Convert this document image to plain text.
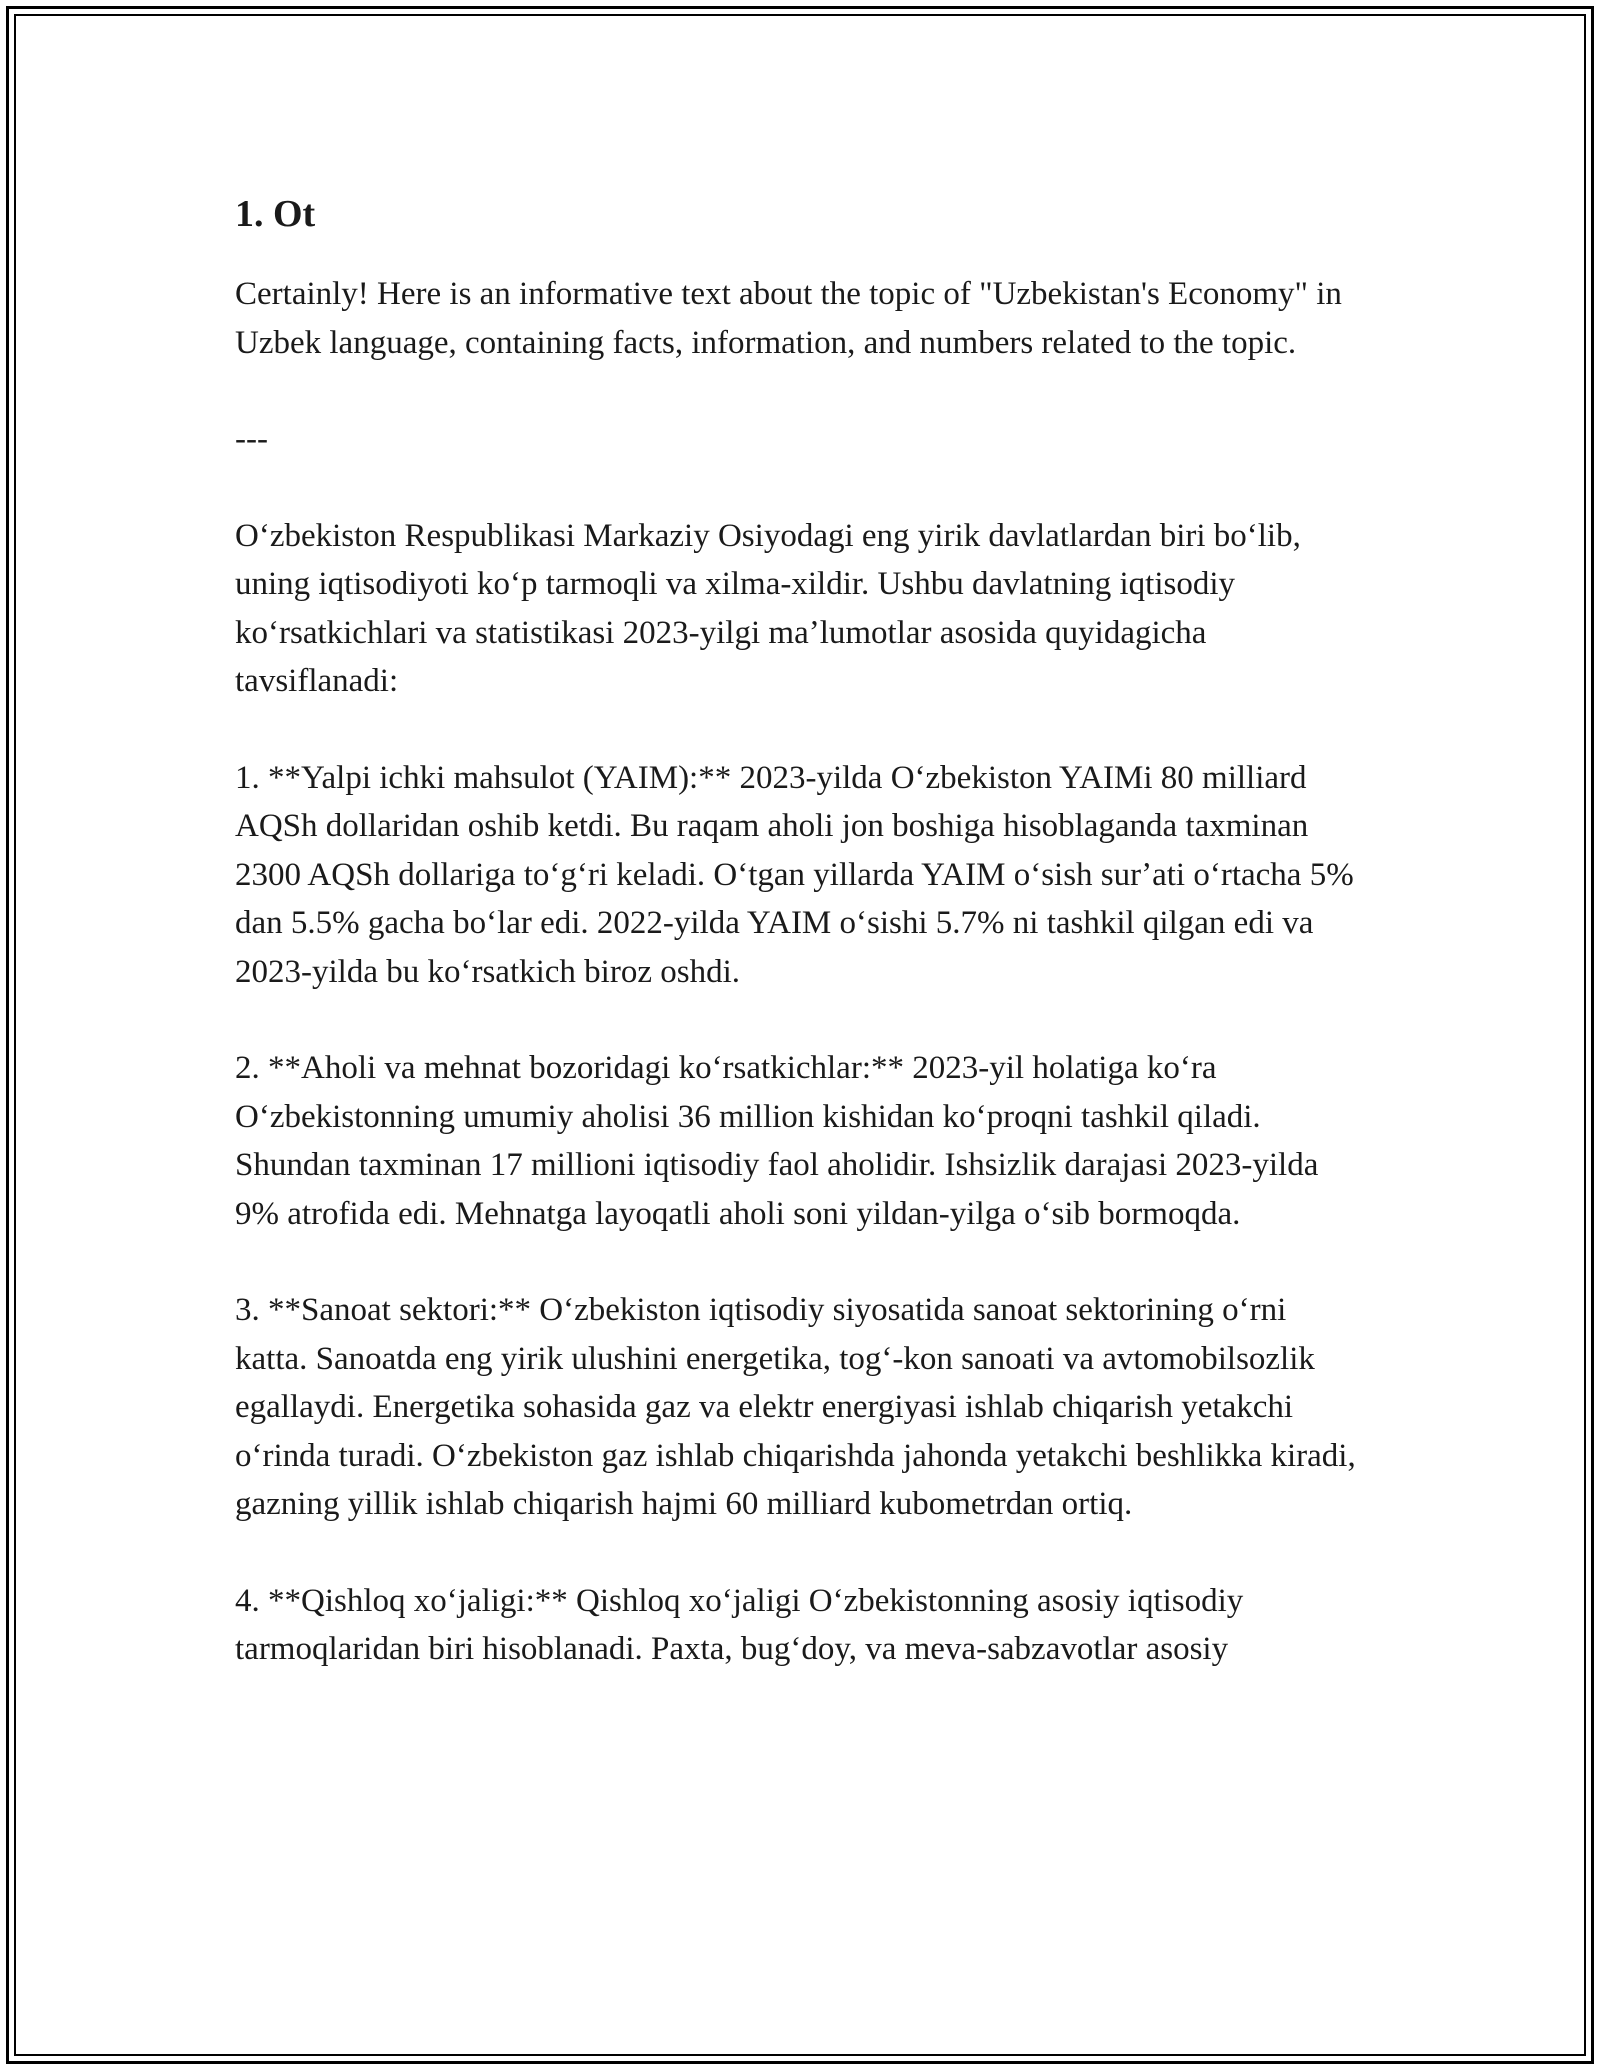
1. Ot

Certainly! Here is an informative text about the topic of "Uzbekistan's Economy" in Uzbek language, containing facts, information, and numbers related to the topic.

---

Oʻzbekiston Respublikasi Markaziy Osiyodagi eng yirik davlatlardan biri boʻlib, uning iqtisodiyoti koʻp tarmoqli va xilma-xildir. Ushbu davlatning iqtisodiy koʻrsatkichlari va statistikasi 2023-yilgi maʼlumotlar asosida quyidagicha tavsiflanadi:

1. **Yalpi ichki mahsulot (YAIM):** 2023-yilda Oʻzbekiston YAIMi 80 milliard AQSh dollaridan oshib ketdi. Bu raqam aholi jon boshiga hisoblaganda taxminan 2300 AQSh dollariga toʻgʻri keladi. Oʻtgan yillarda YAIM oʻsish surʼati oʻrtacha 5% dan 5.5% gacha boʻlar edi. 2022-yilda YAIM oʻsishi 5.7% ni tashkil qilgan edi va 2023-yilda bu koʻrsatkich biroz oshdi.

2. **Aholi va mehnat bozoridagi koʻrsatkichlar:** 2023-yil holatiga koʻra Oʻzbekistonning umumiy aholisi 36 million kishidan koʻproqni tashkil qiladi. Shundan taxminan 17 millioni iqtisodiy faol aholidir. Ishsizlik darajasi 2023-yilda 9% atrofida edi. Mehnatga layoqatli aholi soni yildan-yilga oʻsib bormoqda.

3. **Sanoat sektori:** Oʻzbekiston iqtisodiy siyosatida sanoat sektorining oʻrni katta. Sanoatda eng yirik ulushini energetika, togʻ-kon sanoati va avtomobilsozlik egallaydi. Energetika sohasida gaz va elektr energiyasi ishlab chiqarish yetakchi oʻrinda turadi. Oʻzbekiston gaz ishlab chiqarishda jahonda yetakchi beshlikka kiradi, gazning yillik ishlab chiqarish hajmi 60 milliard kubometrdan ortiq.

4. **Qishloq xoʻjaligi:** Qishloq xoʻjaligi Oʻzbekistonning asosiy iqtisodiy tarmoqlaridan biri hisoblanadi. Paxta, bugʻdoy, va meva-sabzavotlar asosiy
